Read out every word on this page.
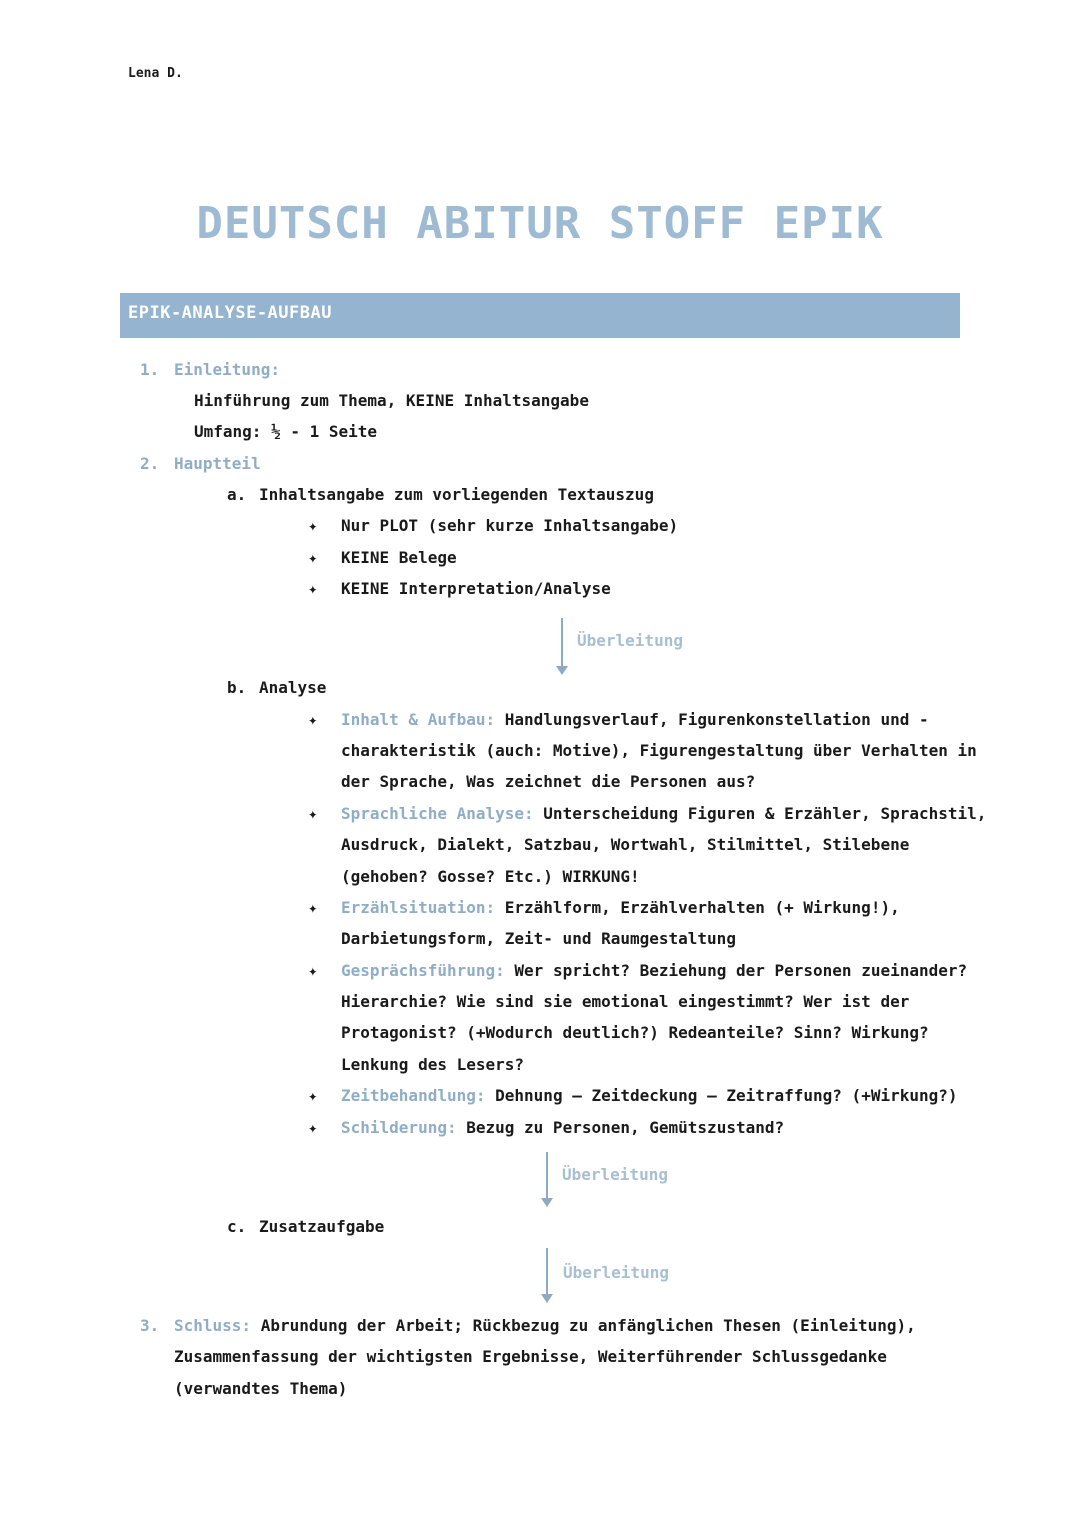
Lena D.
DEUTSCH ABITUR STOFF EPIK
EPIK-ANALYSE-AUFBAU
1. Einleitung:
Hinführung zum Thema, KEINE Inhaltsangabe
Umfang: ½ - 1 Seite
2. Hauptteil
a. Inhaltsangabe zum vorliegenden Textauszug
✦ Nur PLOT (sehr kurze Inhaltsangabe)
✦ KEINE Belege
✦ KEINE Interpretation/Analyse
Überleitung
b. Analyse
✦ Inhalt & Aufbau: Handlungsverlauf, Figurenkonstellation und -
charakteristik (auch: Motive), Figurengestaltung über Verhalten in
der Sprache, Was zeichnet die Personen aus?
✦ Sprachliche Analyse: Unterscheidung Figuren & Erzähler, Sprachstil,
Ausdruck, Dialekt, Satzbau, Wortwahl, Stilmittel, Stilebene
(gehoben? Gosse? Etc.) WIRKUNG!
✦ Erzählsituation: Erzählform, Erzählverhalten (+ Wirkung!),
Darbietungsform, Zeit- und Raumgestaltung
✦ Gesprächsführung: Wer spricht? Beziehung der Personen zueinander?
Hierarchie? Wie sind sie emotional eingestimmt? Wer ist der
Protagonist? (+Wodurch deutlich?) Redeanteile? Sinn? Wirkung?
Lenkung des Lesers?
✦ Zeitbehandlung: Dehnung – Zeitdeckung – Zeitraffung? (+Wirkung?)
✦ Schilderung: Bezug zu Personen, Gemütszustand?
Überleitung
c. Zusatzaufgabe
Überleitung
3. Schluss: Abrundung der Arbeit; Rückbezug zu anfänglichen Thesen (Einleitung),
Zusammenfassung der wichtigsten Ergebnisse, Weiterführender Schlussgedanke
(verwandtes Thema)
